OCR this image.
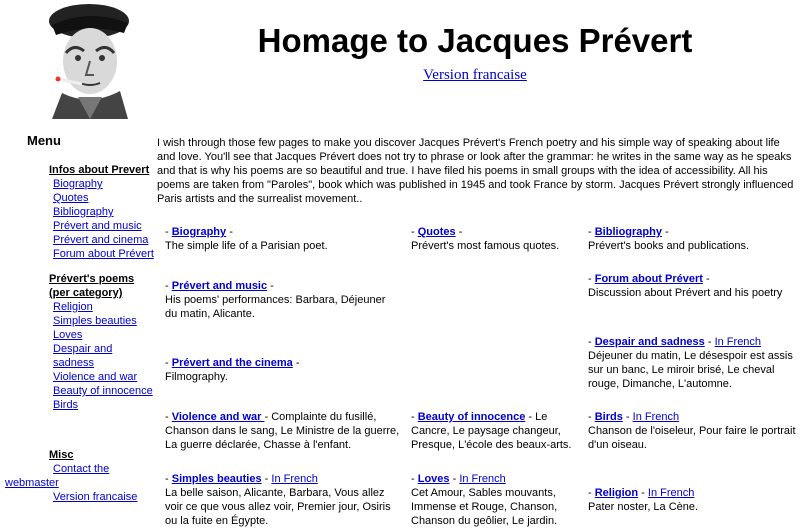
Homage to Jacques Prévert
Version francaise
Menu
Infos about Prevert
Biography
Quotes
Bibliography
Prévert and music
Prévert and cinema
Forum about Prévert
Prévert's poems
(per category)
Religion
Simples beauties
Loves
Despair and sadness
Violence and war
Beauty of innocence
Birds
Misc
Contact the
webmaster
Version francaise
I wish through those few pages to make you discover Jacques Prévert's French poetry and his simple way of speaking about life and love. You'll see that Jacques Prévert does not try to phrase or look after the grammar: he writes in the same way as he speaks and that is why his poems are so beautiful and true. I have filed his poems in small groups with the idea of accessibility. All his poems are taken from "Paroles", book which was published in 1945 and took France by storm. Jacques Prévert strongly influenced Paris artists and the surrealist movement..
- Biography -
The simple life of a Parisian poet.
- Quotes -
Prévert's most famous quotes.
- Bibliography -
Prévert's books and publications.
- Prévert and music -
His poems' performances: Barbara, Déjeuner du matin, Alicante.
- Forum about Prévert -
Discussion about Prévert and his poetry
- Despair and sadness - In French
Déjeuner du matin, Le désespoir est assis sur un banc, Le miroir brisé, Le cheval rouge, Dimanche, L'automne.
- Prévert and the cinema -
Filmography.
- Violence and war - Complainte du fusillé, Chanson dans le sang, Le Ministre de la guerre, La guerre déclarée, Chasse à l'enfant.
- Beauty of innocence - Le Cancre, Le paysage changeur, Presque, L'école des beaux-arts.
- Birds - In French
Chanson de l'oiseleur, Pour faire le portrait d'un oiseau.
- Simples beauties - In French
La belle saison, Alicante, Barbara, Vous allez voir ce que vous allez voir, Premier jour, Osiris ou la fuite en Égypte.
- Loves - In French
Cet Amour, Sables mouvants, Immense et Rouge, Chanson, Chanson du geôlier, Le jardin.
- Religion - In French
Pater noster, La Cène.
